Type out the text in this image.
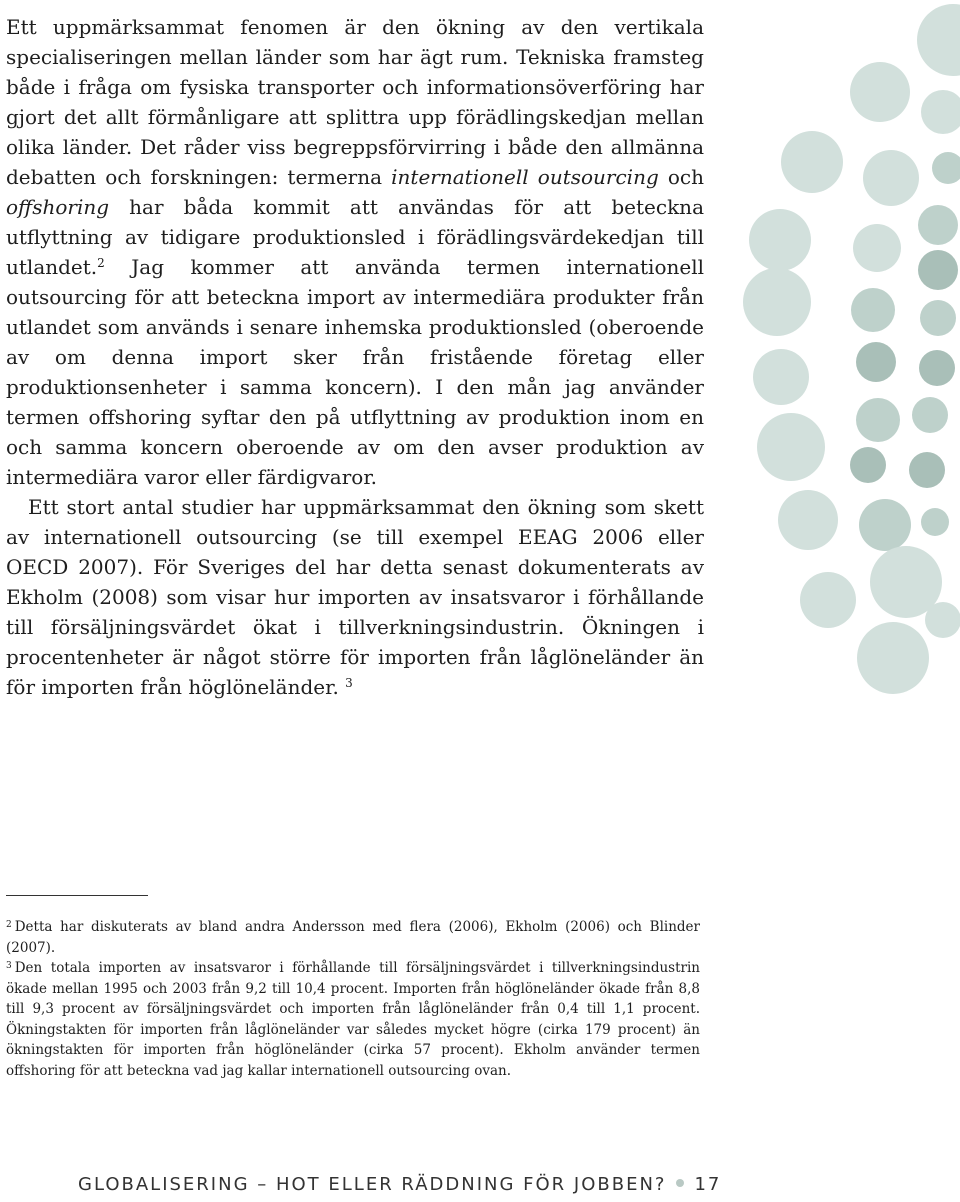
Ett uppmärksammat fenomen är den ökning av den vertikala specialiseringen mellan länder som har ägt rum. Tekniska framsteg både i fråga om fysiska transporter och informationsöverföring har gjort det allt förmånligare att splittra upp förädlingskedjan mellan olika länder. Det råder viss begreppsförvirring i både den allmänna debatten och forskningen: termerna internationell outsourcing och offshoring har båda kommit att användas för att beteckna utflyttning av tidigare produktionsled i förädlingsvärdekedjan till utlandet.$^2$ Jag kommer att använda termen internationell outsourcing för att beteckna import av intermediära produkter från utlandet som används i senare inhemska produktionsled (oberoende av om denna import sker från fristående företag eller produktionsenheter i samma koncern). I den mån jag använder termen offshoring syftar den på utflyttning av produktion inom en och samma koncern oberoende av om den avser produktion av intermediära varor eller färdigvaror.

Ett stort antal studier har uppmärksammat den ökning som skett av internationell outsourcing (se till exempel EEAG 2006 eller OECD 2007). För Sveriges del har detta senast dokumenterats av Ekholm (2008) som visar hur importen av insatsvaror i förhållande till försäljningsvärdet ökat i tillverkningsindustrin. Ökningen i procentenheter är något större för importen från låglöneländer än för importen från höglöneländer. $^3$

$^2$ Detta har diskuterats av bland andra Andersson med flera (2006), Ekholm (2006) och Blinder (2007).

$^3$ Den totala importen av insatsvaror i förhållande till försäljningsvärdet i tillverkningsindustrin ökade mellan 1995 och 2003 från 9,2 till 10,4 procent. Importen från höglöneländer ökade från 8,8 till 9,3 procent av försäljningsvärdet och importen från låglöneländer från 0,4 till 1,1 procent. Ökningstakten för importen från låglöneländer var således mycket högre (cirka 179 procent) än ökningstakten för importen från höglöneländer (cirka 57 procent). Ekholm använder termen offshoring för att beteckna vad jag kallar internationell outsourcing ovan.

GLOBALISERING – HOT ELLER RÄDDNING FÖR JOBBEN? 17
